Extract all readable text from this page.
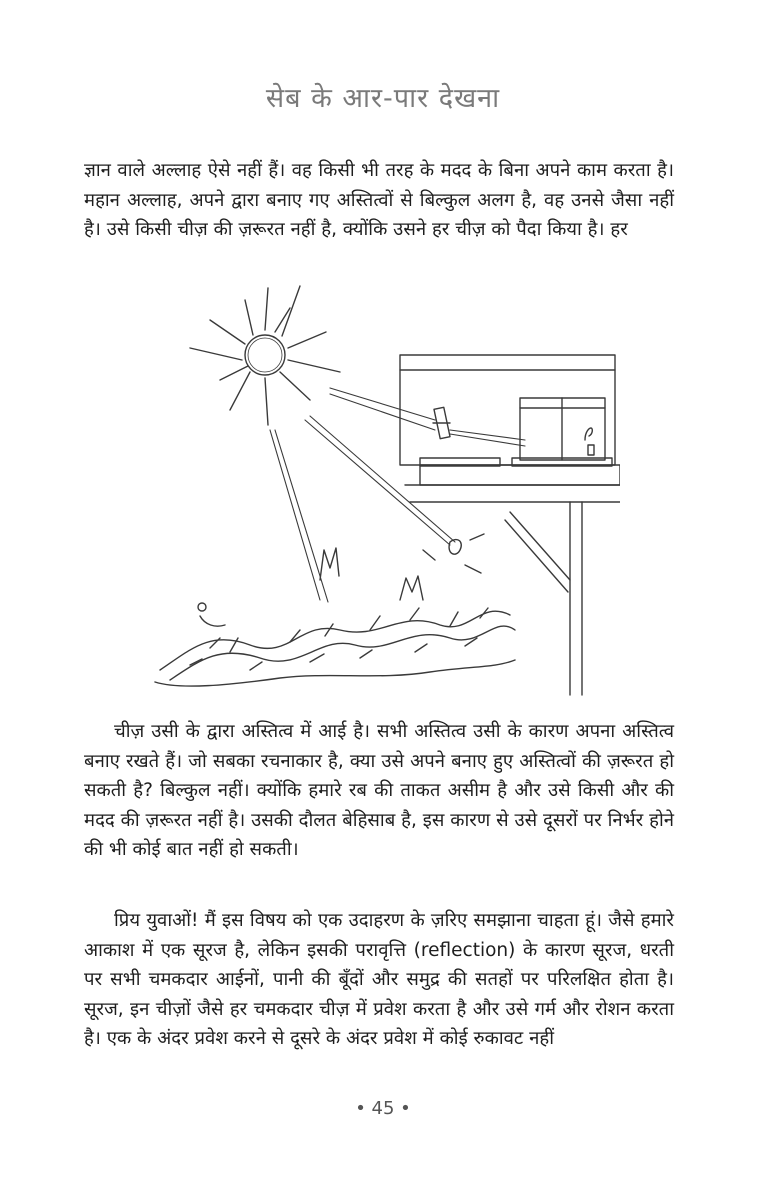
सेब के आर-पार देखना

ज्ञान वाले अल्लाह ऐसे नहीं हैं। वह किसी भी तरह के मदद के बिना अपने काम करता है। महान अल्लाह, अपने द्वारा बनाए गए अस्तित्वों से बिल्कुल अलग है, वह उनसे जैसा नहीं है। उसे किसी चीज़ की ज़रूरत नहीं है, क्योंकि उसने हर चीज़ को पैदा किया है। हर

चीज़ उसी के द्वारा अस्तित्व में आई है। सभी अस्तित्व उसी के कारण अपना अस्तित्व बनाए रखते हैं। जो सबका रचनाकार है, क्या उसे अपने बनाए हुए अस्तित्वों की ज़रूरत हो सकती है? बिल्कुल नहीं। क्योंकि हमारे रब की ताकत असीम है और उसे किसी और की मदद की ज़रूरत नहीं है। उसकी दौलत बेहिसाब है, इस कारण से उसे दूसरों पर निर्भर होने की भी कोई बात नहीं हो सकती।

प्रिय युवाओं! मैं इस विषय को एक उदाहरण के ज़रिए समझाना चाहता हूं। जैसे हमारे आकाश में एक सूरज है, लेकिन इसकी परावृत्ति (reflection) के कारण सूरज, धरती पर सभी चमकदार आईनों, पानी की बूँदों और समुद्र की सतहों पर परिलक्षित होता है। सूरज, इन चीज़ों जैसे हर चमकदार चीज़ में प्रवेश करता है और उसे गर्म और रोशन करता है। एक के अंदर प्रवेश करने से दूसरे के अंदर प्रवेश में कोई रुकावट नहीं

• 45 •
